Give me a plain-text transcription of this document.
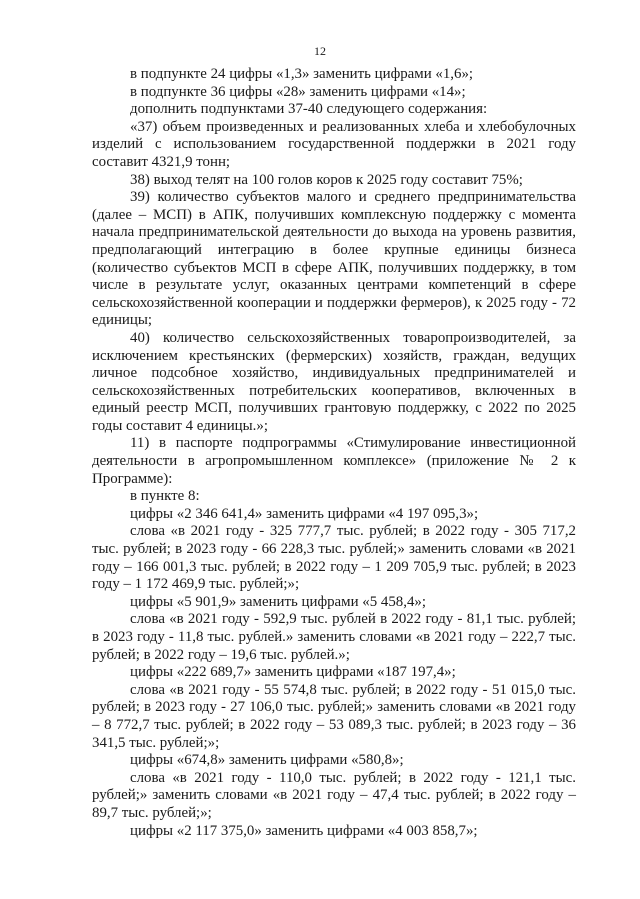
12

в подпункте 24 цифры «1,3» заменить цифрами «1,6»;

в подпункте 36 цифры «28» заменить цифрами «14»;

дополнить подпунктами 37-40 следующего содержания:

«37) объем произведенных и реализованных хлеба и хлебобулочных изделий с использованием государственной поддержки в 2021 году составит 4321,9 тонн;

38) выход телят на 100 голов коров к 2025 году составит 75%;

39) количество субъектов малого и среднего предпринимательства (далее – МСП) в АПК, получивших комплексную поддержку с момента начала предпринимательской деятельности до выхода на уровень развития, предполагающий интеграцию в более крупные единицы бизнеса (количество субъектов МСП в сфере АПК, получивших поддержку, в том числе в результате услуг, оказанных центрами компетенций в сфере сельскохозяйственной кооперации и поддержки фермеров), к 2025 году - 72 единицы;

40) количество сельскохозяйственных товаропроизводителей, за исключением крестьянских (фермерских) хозяйств, граждан, ведущих личное подсобное хозяйство, индивидуальных предпринимателей и сельскохозяйственных потребительских кооперативов, включенных в единый реестр МСП, получивших грантовую поддержку, с 2022 по 2025 годы составит 4 единицы.»;

11) в паспорте подпрограммы «Стимулирование инвестиционной деятельности в агропромышленном комплексе» (приложение № 2 к Программе):

в пункте 8:

цифры «2 346 641,4» заменить цифрами «4 197 095,3»;

слова «в 2021 году - 325 777,7 тыс. рублей; в 2022 году - 305 717,2 тыс. рублей; в 2023 году - 66 228,3 тыс. рублей;» заменить словами «в 2021 году – 166 001,3 тыс. рублей; в 2022 году – 1 209 705,9 тыс. рублей; в 2023 году – 1 172 469,9 тыс. рублей;»;

цифры «5 901,9» заменить цифрами «5 458,4»;

слова «в 2021 году - 592,9 тыс. рублей в 2022 году - 81,1 тыс. рублей; в 2023 году - 11,8 тыс. рублей.» заменить словами «в 2021 году – 222,7 тыс. рублей; в 2022 году – 19,6 тыс. рублей.»;

цифры «222 689,7» заменить цифрами «187 197,4»;

слова «в 2021 году - 55 574,8 тыс. рублей; в 2022 году - 51 015,0 тыс. рублей; в 2023 году - 27 106,0 тыс. рублей;» заменить словами «в 2021 году – 8 772,7 тыс. рублей; в 2022 году – 53 089,3 тыс. рублей; в 2023 году – 36 341,5 тыс. рублей;»;

цифры «674,8» заменить цифрами «580,8»;

слова «в 2021 году - 110,0 тыс. рублей; в 2022 году - 121,1 тыс. рублей;» заменить словами «в 2021 году – 47,4 тыс. рублей; в 2022 году – 89,7 тыс. рублей;»;

цифры «2 117 375,0» заменить цифрами «4 003 858,7»;
